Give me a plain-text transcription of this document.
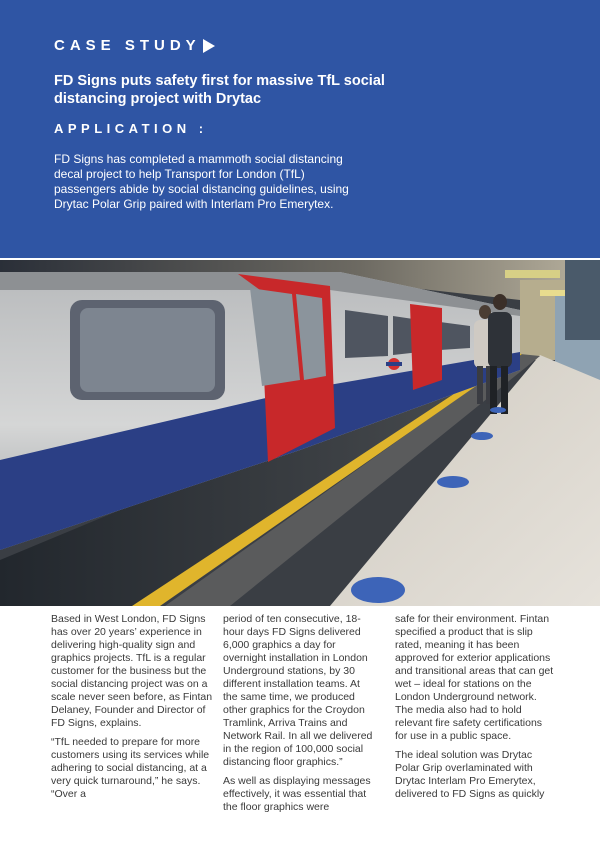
CASE STUDY
FD Signs puts safety first for massive TfL social distancing project with Drytac
APPLICATION :
FD Signs has completed a mammoth social distancing decal project to help Transport for London (TfL) passengers abide by social distancing guidelines, using Drytac Polar Grip paired with Interlam Pro Emerytex.

Based in West London, FD Signs has over 20 years’ experience in delivering high-quality sign and graphics projects. TfL is a regular customer for the business but the social distancing project was on a scale never seen before, as Fintan Delaney, Founder and Director of FD Signs, explains.

“TfL needed to prepare for more customers using its services while adhering to social distancing, at a very quick turnaround,” he says. “Over a

period of ten consecutive, 18-hour days FD Signs delivered 6,000 graphics a day for overnight installation in London Underground stations, by 30 different installation teams. At the same time, we produced other graphics for the Croydon Tramlink, Arriva Trains and Network Rail. In all we delivered in the region of 100,000 social distancing floor graphics.”

As well as displaying messages effectively, it was essential that the floor graphics were

safe for their environment. Fintan specified a product that is slip rated, meaning it has been approved for exterior applications and transitional areas that can get wet – ideal for stations on the London Underground network. The media also had to hold relevant fire safety certifications for use in a public space.

The ideal solution was Drytac Polar Grip overlaminated with Drytac Interlam Pro Emerytex, delivered to FD Signs as quickly
